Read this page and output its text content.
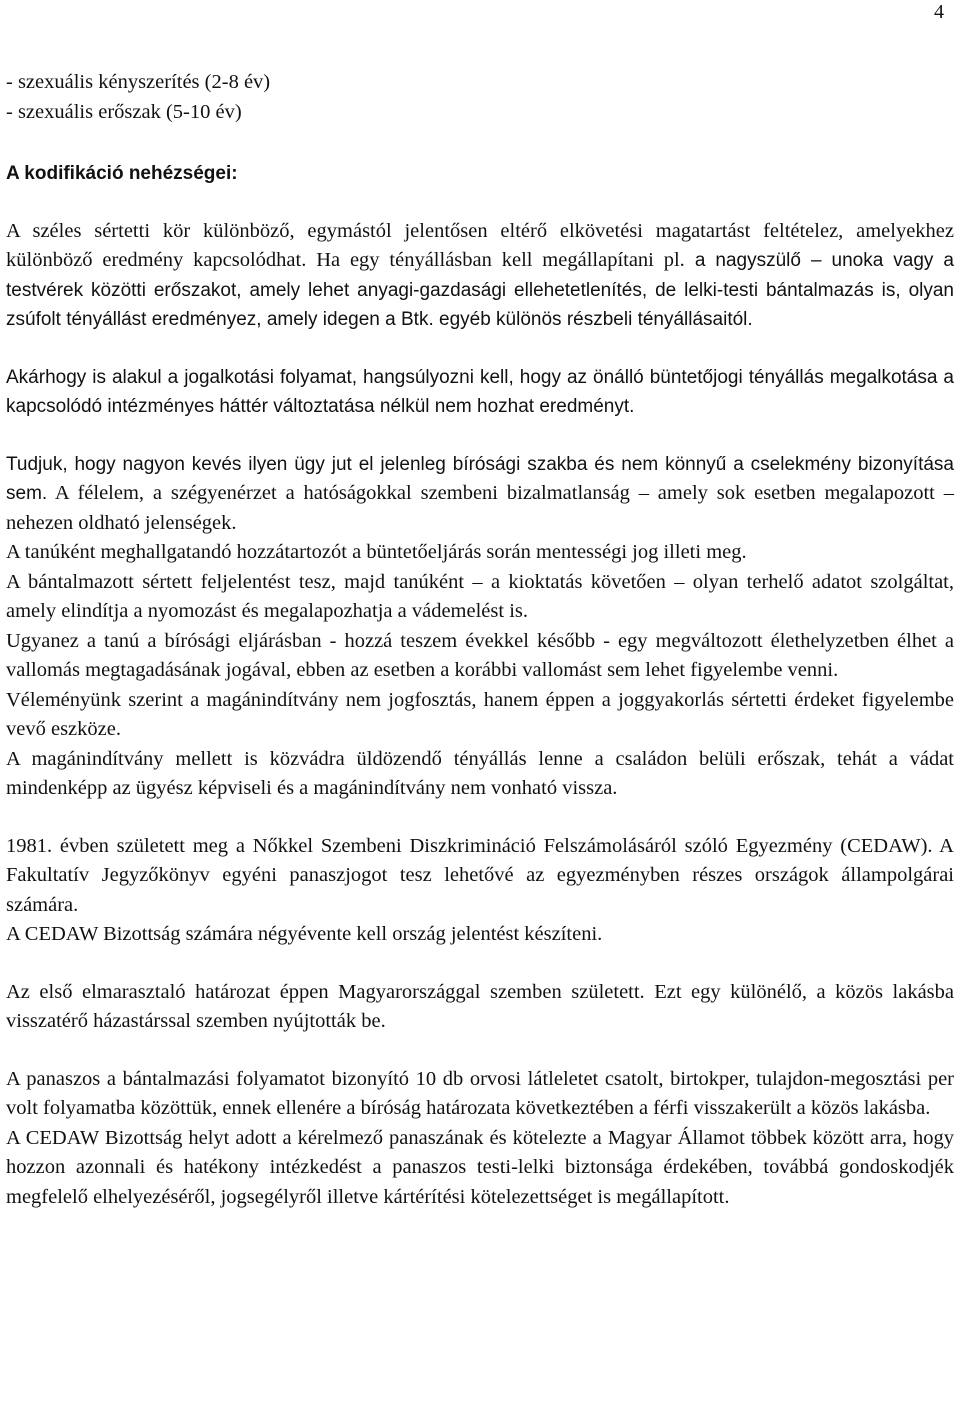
4

- szexuális kényszerítés (2-8 év)

- szexuális erőszak (5-10 év)

A kodifikáció nehézségei:

A széles sértetti kör különböző, egymástól jelentősen eltérő elkövetési magatartást feltételez, amelyekhez különböző eredmény kapcsolódhat. Ha egy tényállásban kell megállapítani pl. a nagyszülő – unoka vagy a testvérek közötti erőszakot, amely lehet anyagi-gazdasági ellehetetlenítés, de lelki-testi bántalmazás is, olyan zsúfolt tényállást eredményez, amely idegen a Btk. egyéb különös részbeli tényállásaitól.

Akárhogy is alakul a jogalkotási folyamat, hangsúlyozni kell, hogy az önálló büntetőjogi tényállás megalkotása a kapcsolódó intézményes háttér változtatása nélkül nem hozhat eredményt.

Tudjuk, hogy nagyon kevés ilyen ügy jut el jelenleg bírósági szakba és nem könnyű a cselekmény bizonyítása sem. A félelem, a szégyenérzet a hatóságokkal szembeni bizalmatlanság – amely sok esetben megalapozott – nehezen oldható jelenségek.

A tanúként meghallgatandó hozzátartozót a büntetőeljárás során mentességi jog illeti meg.

A bántalmazott sértett feljelentést tesz, majd tanúként – a kioktatás követően – olyan terhelő adatot szolgáltat, amely elindítja a nyomozást és megalapozhatja a vádemelést is.

Ugyanez a tanú a bírósági eljárásban - hozzá teszem évekkel később - egy megváltozott élethelyzetben élhet a vallomás megtagadásának jogával, ebben az esetben a korábbi vallomást sem lehet figyelembe venni.

Véleményünk szerint a magánindítvány nem jogfosztás, hanem éppen a joggyakorlás sértetti érdeket figyelembe vevő eszköze.

A magánindítvány mellett is közvádra üldözendő tényállás lenne a családon belüli erőszak, tehát a vádat mindenképp az ügyész képviseli és a magánindítvány nem vonható vissza.

1981. évben született meg a Nőkkel Szembeni Diszkrimináció Felszámolásáról szóló Egyezmény (CEDAW). A Fakultatív Jegyzőkönyv egyéni panaszjogot tesz lehetővé az egyezményben részes országok állampolgárai számára.

A CEDAW Bizottság számára négyévente kell ország jelentést készíteni.

Az első elmarasztaló határozat éppen Magyarországgal szemben született. Ezt egy különélő, a közös lakásba visszatérő házastárssal szemben nyújtották be.

A panaszos a bántalmazási folyamatot bizonyító 10 db orvosi látleletet csatolt, birtokper, tulajdon-megosztási per volt folyamatba közöttük, ennek ellenére a bíróság határozata következtében a férfi visszakerült a közös lakásba.

A CEDAW Bizottság helyt adott a kérelmező panaszának és kötelezte a Magyar Államot többek között arra, hogy hozzon azonnali és hatékony intézkedést a panaszos testi-lelki biztonsága érdekében, továbbá gondoskodjék megfelelő elhelyezéséről, jogsegélyről illetve kártérítési kötelezettséget is megállapított.
